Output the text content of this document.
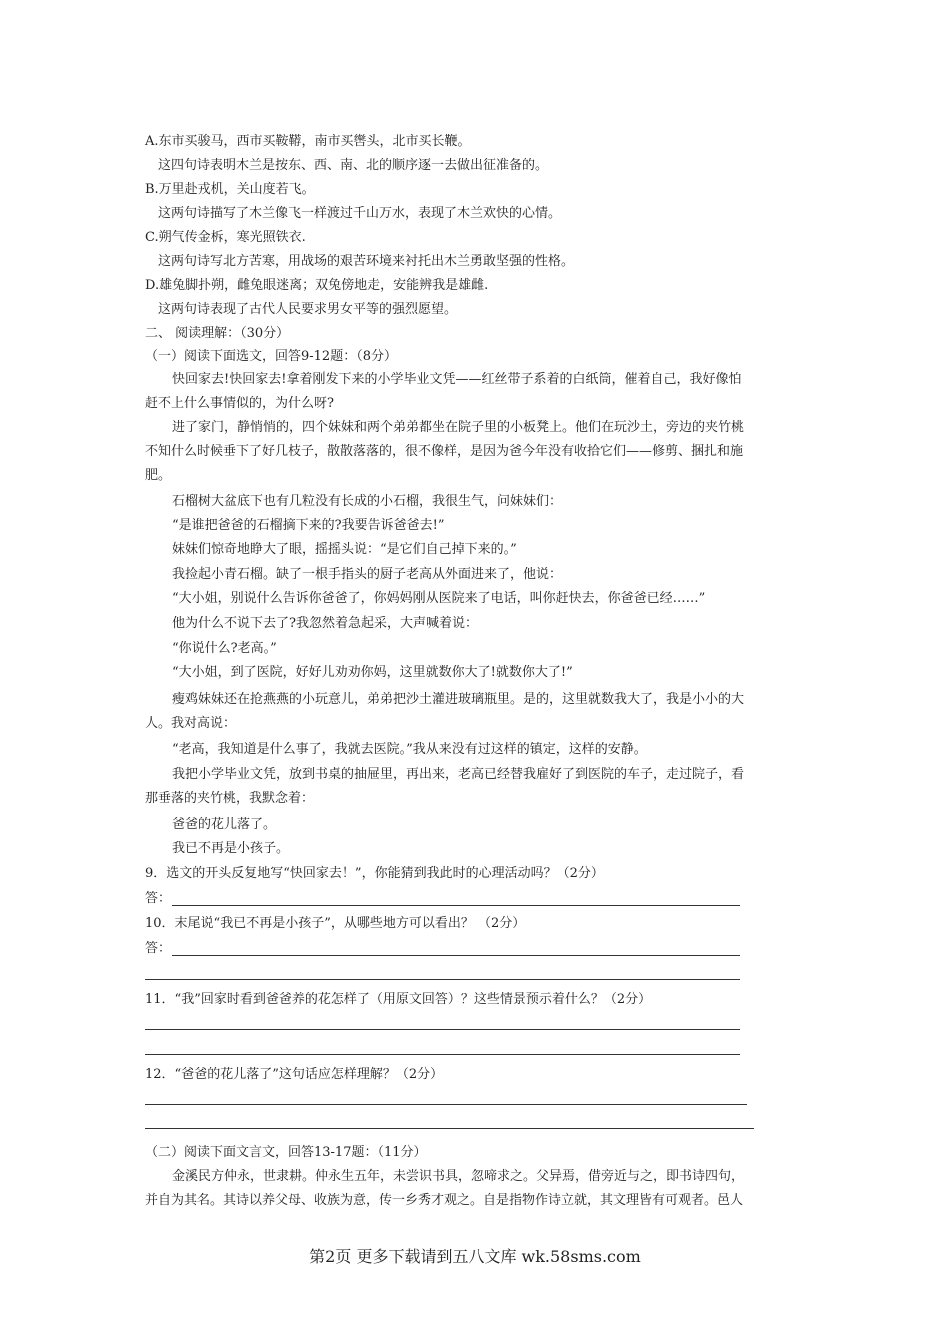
A.东市买骏马，西市买鞍鞯，南市买辔头，北市买长鞭。
这四句诗表明木兰是按东、西、南、北的顺序逐一去做出征准备的。
B.万里赴戎机，关山度若飞。
这两句诗描写了木兰像飞一样渡过千山万水，表现了木兰欢快的心情。
C.朔气传金柝，寒光照铁衣.
这两句诗写北方苦寒，用战场的艰苦环境来衬托出木兰勇敢坚强的性格。
D.雄兔脚扑朔，雌兔眼迷离；双兔傍地走，安能辨我是雄雌.
这两句诗表现了古代人民要求男女平等的强烈愿望。
二、 阅读理解：（30分）
（一）阅读下面选文，回答9-12题：（8分）
快回家去!快回家去!拿着刚发下来的小学毕业文凭——红丝带子系着的白纸筒，催着自己，我好像怕
赶不上什么事情似的，为什么呀?
进了家门，静悄悄的，四个妹妹和两个弟弟都坐在院子里的小板凳上。他们在玩沙土，旁边的夹竹桃
不知什么时候垂下了好几枝子，散散落落的，很不像样，是因为爸今年没有收拾它们——修剪、捆扎和施
肥。
石榴树大盆底下也有几粒没有长成的小石榴，我很生气，问妹妹们：
“是谁把爸爸的石榴摘下来的?我要告诉爸爸去!”
妹妹们惊奇地睁大了眼，摇摇头说：“是它们自己掉下来的。”
我捡起小青石榴。缺了一根手指头的厨子老高从外面进来了，他说：
“大小姐，别说什么告诉你爸爸了，你妈妈刚从医院来了电话，叫你赶快去，你爸爸已经……”
他为什么不说下去了?我忽然着急起采，大声喊着说：
“你说什么?老高。”
“大小姐，到了医院，好好儿劝劝你妈，这里就数你大了!就数你大了!”
瘦鸡妹妹还在抢燕燕的小玩意儿，弟弟把沙土灌进玻璃瓶里。是的，这里就数我大了，我是小小的大
人。我对高说：
“老高，我知道是什么事了，我就去医院。”我从来没有过这样的镇定，这样的安静。
我把小学毕业文凭，放到书桌的抽屉里，再出来，老高已经替我雇好了到医院的车子，走过院子，看
那垂落的夹竹桃，我默念着：
爸爸的花儿落了。
我已不再是小孩子。
9．选文的开头反复地写“快回家去！”，你能猜到我此时的心理活动吗？（2分）
答：
10．末尾说“我已不再是小孩子”，从哪些地方可以看出？ （2分）
答：
11．“我”回家时看到爸爸养的花怎样了（用原文回答）？这些情景预示着什么？（2分）
12．“爸爸的花儿落了”这句话应怎样理解？（2分）
（二）阅读下面文言文，回答13-17题：（11分）
金溪民方仲永，世隶耕。仲永生五年，未尝识书具，忽啼求之。父异焉，借旁近与之，即书诗四句，
并自为其名。其诗以养父母、收族为意，传一乡秀才观之。自是指物作诗立就，其文理皆有可观者。邑人
第2页 更多下载请到五八文库 wk.58sms.com
